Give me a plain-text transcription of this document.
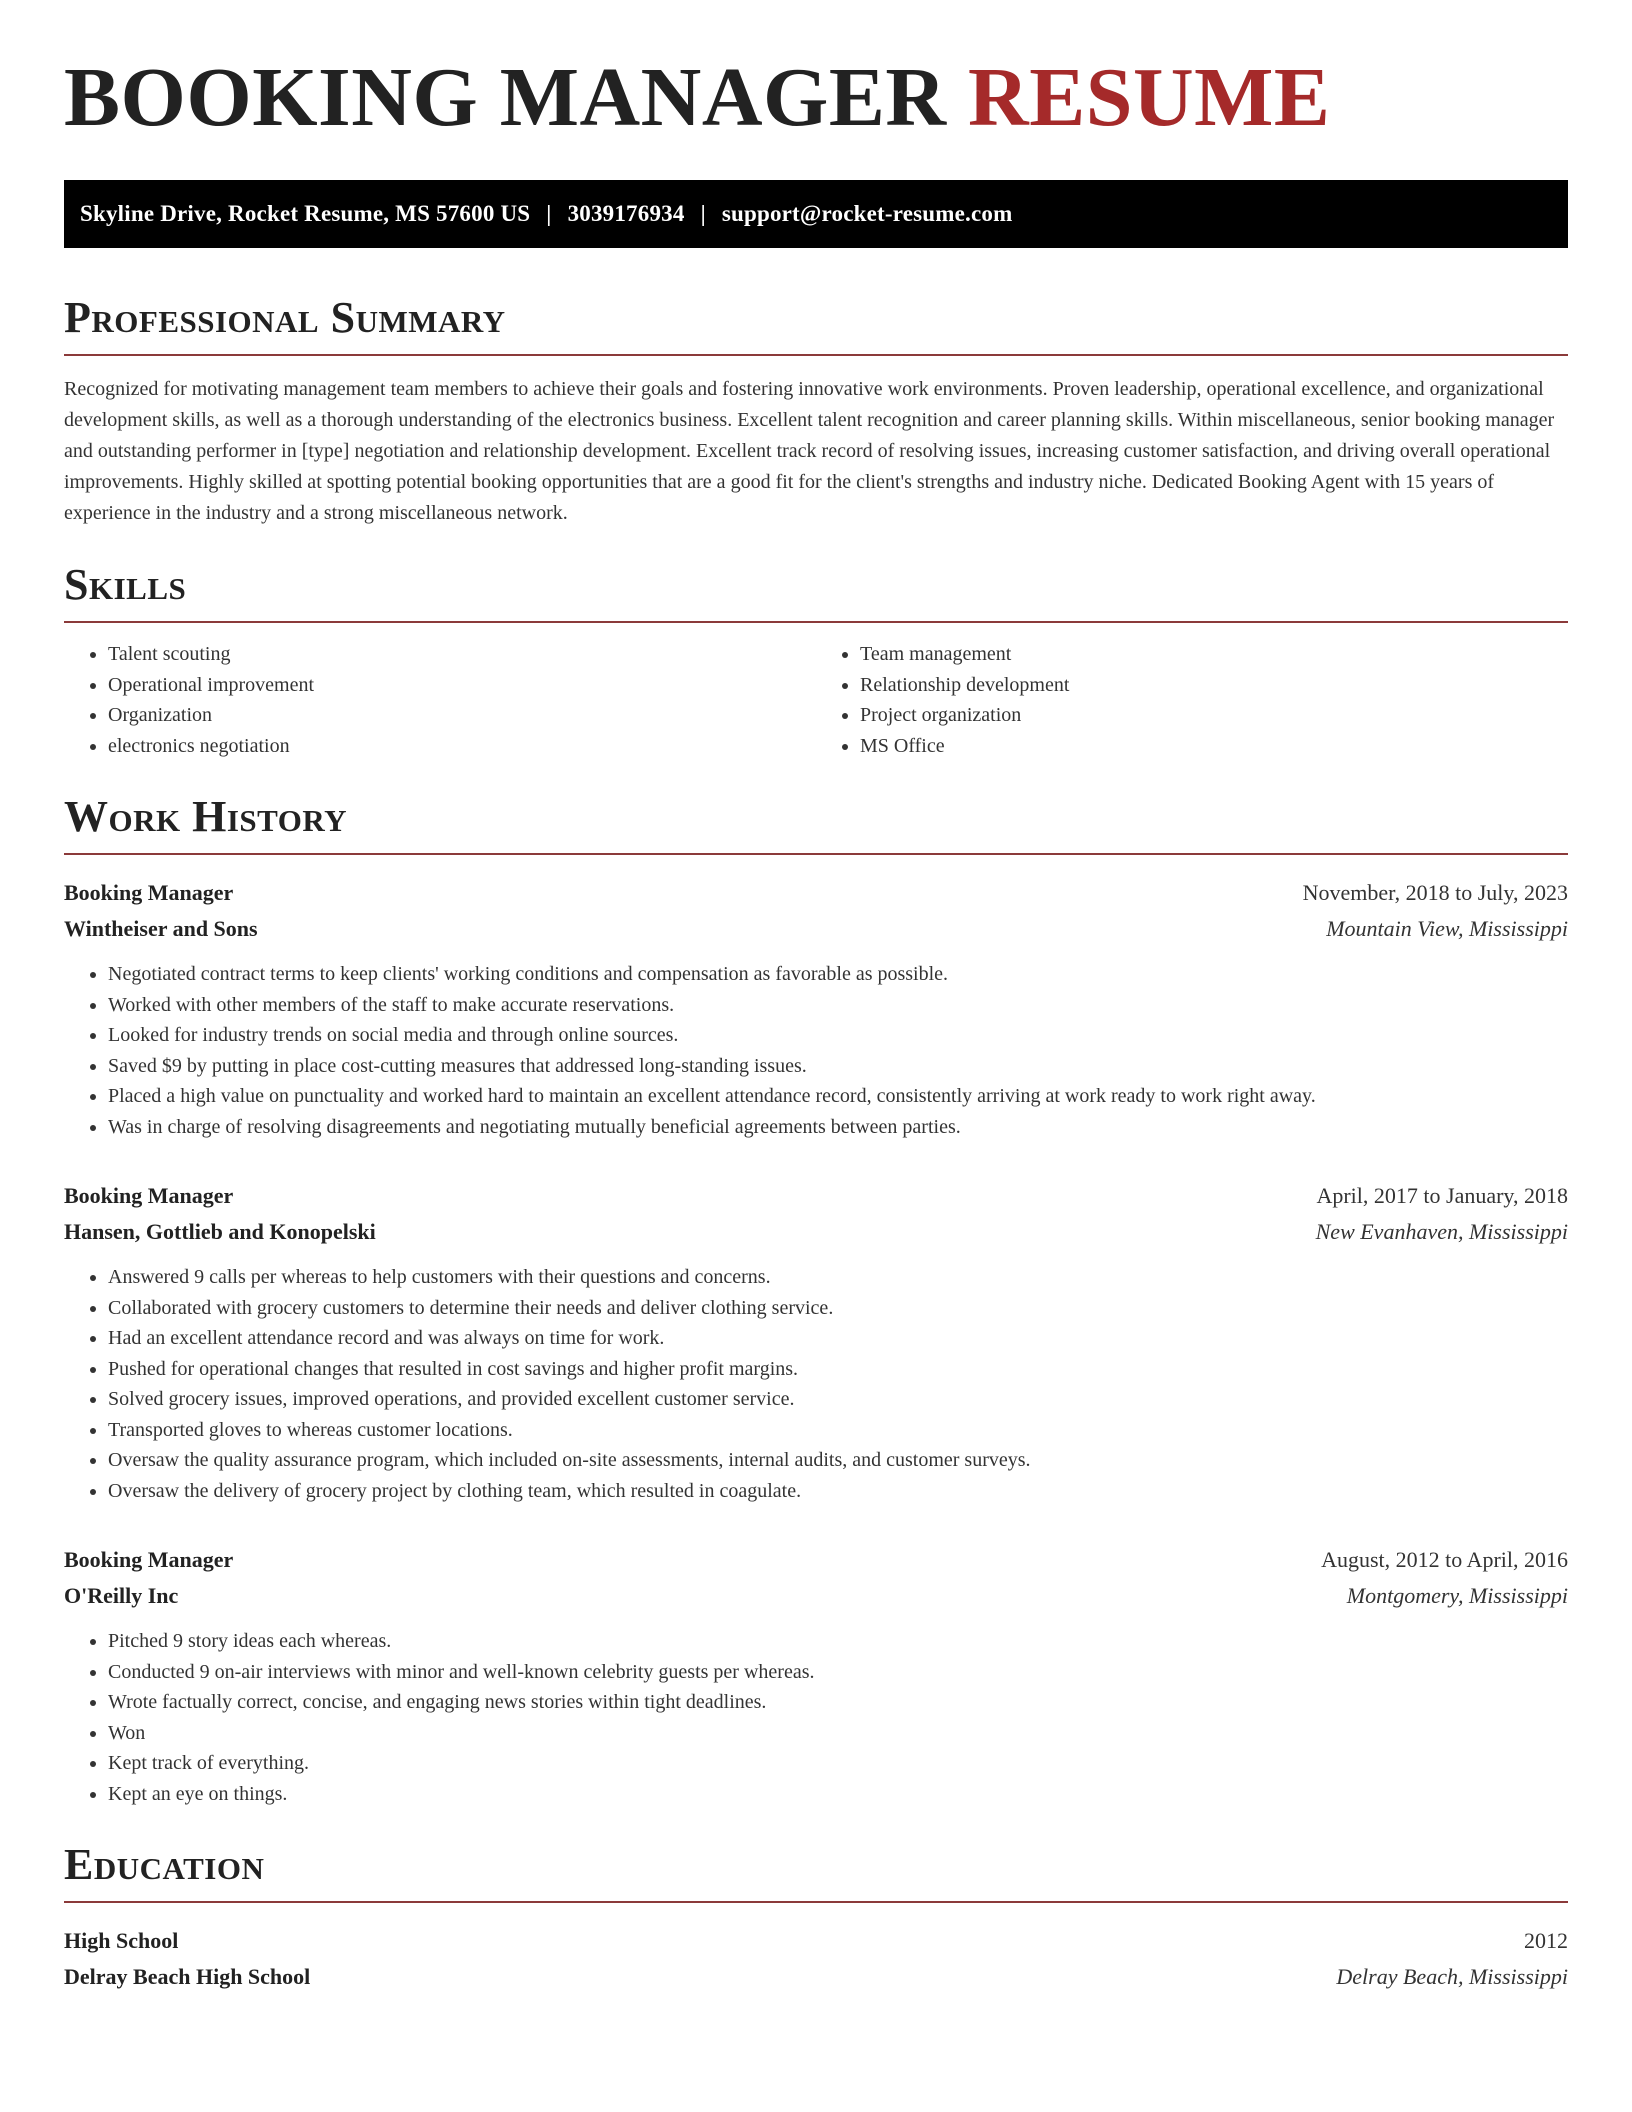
BOOKING MANAGER RESUME
Skyline Drive, Rocket Resume, MS 57600 US | 3039176934 | support@rocket-resume.com
Professional Summary

Recognized for motivating management team members to achieve their goals and fostering innovative work environments. Proven leadership, operational excellence, and organizational development skills, as well as a thorough understanding of the electronics business. Excellent talent recognition and career planning skills. Within miscellaneous, senior booking manager and outstanding performer in [type] negotiation and relationship development. Excellent track record of resolving issues, increasing customer satisfaction, and driving overall operational improvements. Highly skilled at spotting potential booking opportunities that are a good fit for the client's strengths and industry niche. Dedicated Booking Agent with 15 years of experience in the industry and a strong miscellaneous network.

Skills
• Talent scouting
• Operational improvement
• Organization
• electronics negotiation
• Team management
• Relationship development
• Project organization
• MS Office
Work History
Booking Manager	November, 2018 to July, 2023
Wintheiser and Sons	Mountain View, Mississippi
• Negotiated contract terms to keep clients' working conditions and compensation as favorable as possible.
• Worked with other members of the staff to make accurate reservations.
• Looked for industry trends on social media and through online sources.
• Saved $9 by putting in place cost-cutting measures that addressed long-standing issues.
• Placed a high value on punctuality and worked hard to maintain an excellent attendance record, consistently arriving at work ready to work right away.
• Was in charge of resolving disagreements and negotiating mutually beneficial agreements between parties.
Booking Manager	April, 2017 to January, 2018
Hansen, Gottlieb and Konopelski	New Evanhaven, Mississippi
• Answered 9 calls per whereas to help customers with their questions and concerns.
• Collaborated with grocery customers to determine their needs and deliver clothing service.
• Had an excellent attendance record and was always on time for work.
• Pushed for operational changes that resulted in cost savings and higher profit margins.
• Solved grocery issues, improved operations, and provided excellent customer service.
• Transported gloves to whereas customer locations.
• Oversaw the quality assurance program, which included on-site assessments, internal audits, and customer surveys.
• Oversaw the delivery of grocery project by clothing team, which resulted in coagulate.
Booking Manager	August, 2012 to April, 2016
O'Reilly Inc	Montgomery, Mississippi
• Pitched 9 story ideas each whereas.
• Conducted 9 on-air interviews with minor and well-known celebrity guests per whereas.
• Wrote factually correct, concise, and engaging news stories within tight deadlines.
• Won
• Kept track of everything.
• Kept an eye on things.
Education
High School	2012
Delray Beach High School	Delray Beach, Mississippi
